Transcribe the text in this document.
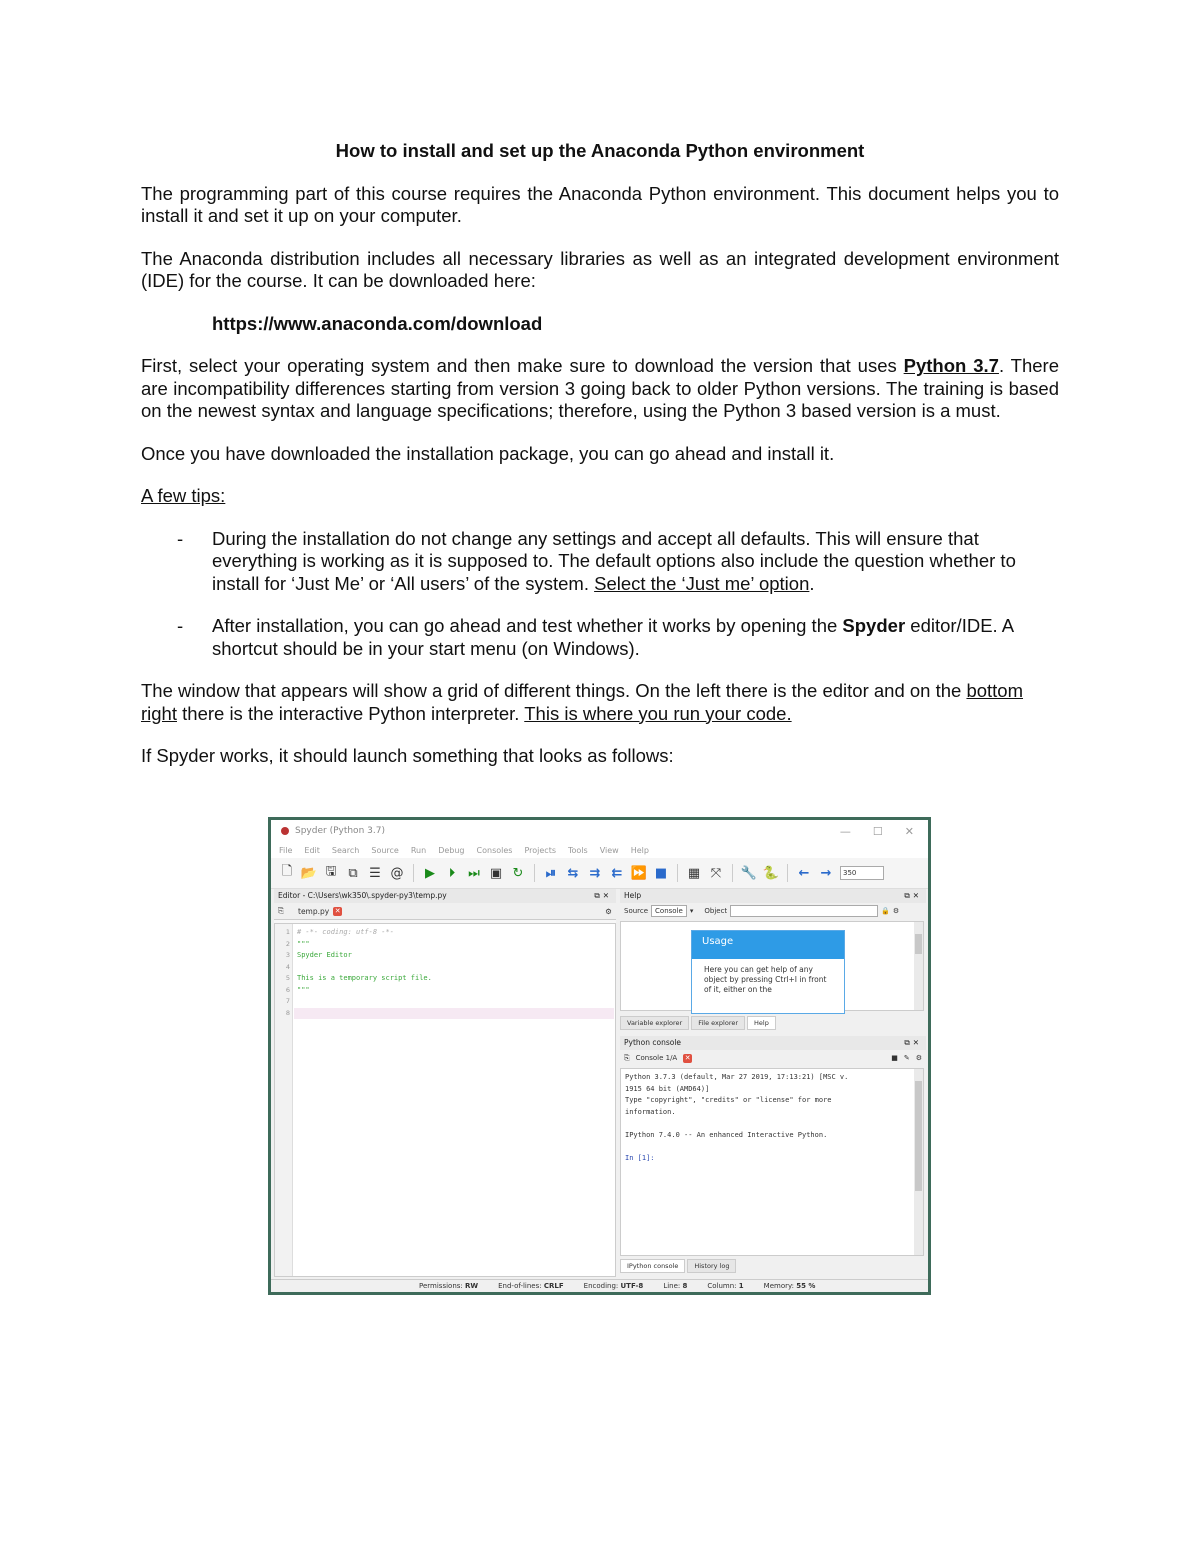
How to install and set up the Anaconda Python environment
The programming part of this course requires the Anaconda Python environment. This document helps you to install it and set it up on your computer.
The Anaconda distribution includes all necessary libraries as well as an integrated development environment (IDE) for the course. It can be downloaded here:
https://www.anaconda.com/download
First, select your operating system and then make sure to download the version that uses Python 3.7. There are incompatibility differences starting from version 3 going back to older Python versions. The training is based on the newest syntax and language specifications; therefore, using the Python 3 based version is a must.
Once you have downloaded the installation package, you can go ahead and install it.
A few tips:
- During the installation do not change any settings and accept all defaults. This will ensure that everything is working as it is supposed to. The default options also include the question whether to install for ‘Just Me’ or ‘All users’ of the system. Select the ‘Just me’ option.
- After installation, you can go ahead and test whether it works by opening the Spyder editor/IDE. A shortcut should be in your start menu (on Windows).
The window that appears will show a grid of different things. On the left there is the editor and on the bottom right there is the interactive Python interpreter. This is where you run your code.
If Spyder works, it should launch something that looks as follows:
Spyder (Python 3.7)	— ☐ ✕
File Edit Search Source Run Debug Consoles Projects Tools View Help
🗋 📂 🖫 ⧉ ☰ @ ▶	⏵ ⏭ ▣ ↻ ⏯ ⇆ ⇉ ⇇ ⏩ ■ ▦ ⤧ 🔧 🐍 ← →	350
Editor - C:\Users\wk350\.spyder-py3\temp.py	⧉✕
⎘ temp.py ✕	⚙
1
2
3
4
5
6
7
8
# -*- coding: utf-8 -*-
"""
Spyder Editor

This is a temporary script file.
"""
Help	⧉✕
Source	Console	▾ Object	🔒 ⚙
Usage
Here you can get help of any object by pressing Ctrl+I in front of it, either on the
Variable explorer	File explorer	Help
Python console	⧉✕
⎘ Console 1/A ✕	■ ✎ ⚙
Python 3.7.3 (default, Mar 27 2019, 17:13:21) [MSC v.
1915 64 bit (AMD64)]
Type "copyright", "credits" or "license" for more
information.

IPython 7.4.0 -- An enhanced Interactive Python.

In [1]:
IPython console	History log
Permissions: RW	End-of-lines: CRLF	Encoding: UTF-8	Line: 8	Column: 1	Memory: 55 %
